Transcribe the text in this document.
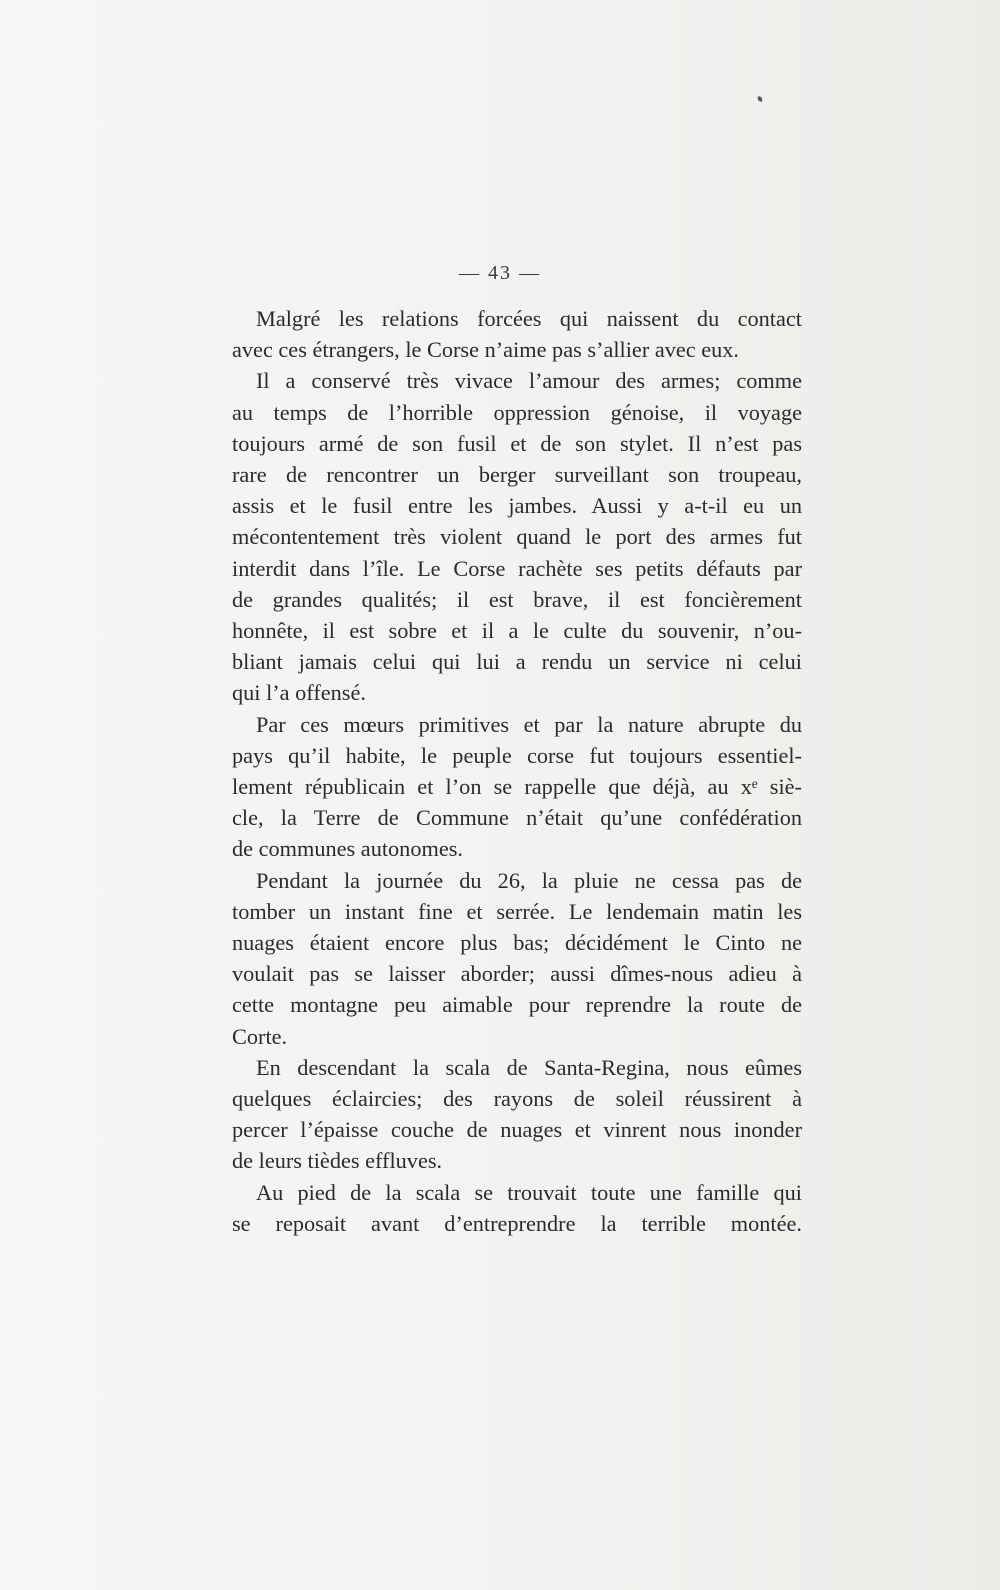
— 43 —

Malgré les relations forcées qui naissent du contact
avec ces étrangers, le Corse n’aime pas s’allier avec eux.

Il a conservé très vivace l’amour des armes; comme
au temps de l’horrible oppression génoise, il voyage
toujours armé de son fusil et de son stylet. Il n’est pas
rare de rencontrer un berger surveillant son troupeau,
assis et le fusil entre les jambes. Aussi y a-t-il eu un
mécontentement très violent quand le port des armes fut
interdit dans l’île. Le Corse rachète ses petits défauts par
de grandes qualités; il est brave, il est foncièrement
honnête, il est sobre et il a le culte du souvenir, n’ou-
bliant jamais celui qui lui a rendu un service ni celui
qui l’a offensé.

Par ces mœurs primitives et par la nature abrupte du
pays qu’il habite, le peuple corse fut toujours essentiel-
lement républicain et l’on se rappelle que déjà, au xᵉ siè-
cle, la Terre de Commune n’était qu’une confédération
de communes autonomes.

Pendant la journée du 26, la pluie ne cessa pas de
tomber un instant fine et serrée. Le lendemain matin les
nuages étaient encore plus bas; décidément le Cinto ne
voulait pas se laisser aborder; aussi dîmes-nous adieu à
cette montagne peu aimable pour reprendre la route de
Corte.

En descendant la scala de Santa-Regina, nous eûmes
quelques éclaircies; des rayons de soleil réussirent à
percer l’épaisse couche de nuages et vinrent nous inonder
de leurs tièdes effluves.

Au pied de la scala se trouvait toute une famille qui
se reposait avant d’entreprendre la terrible montée.
